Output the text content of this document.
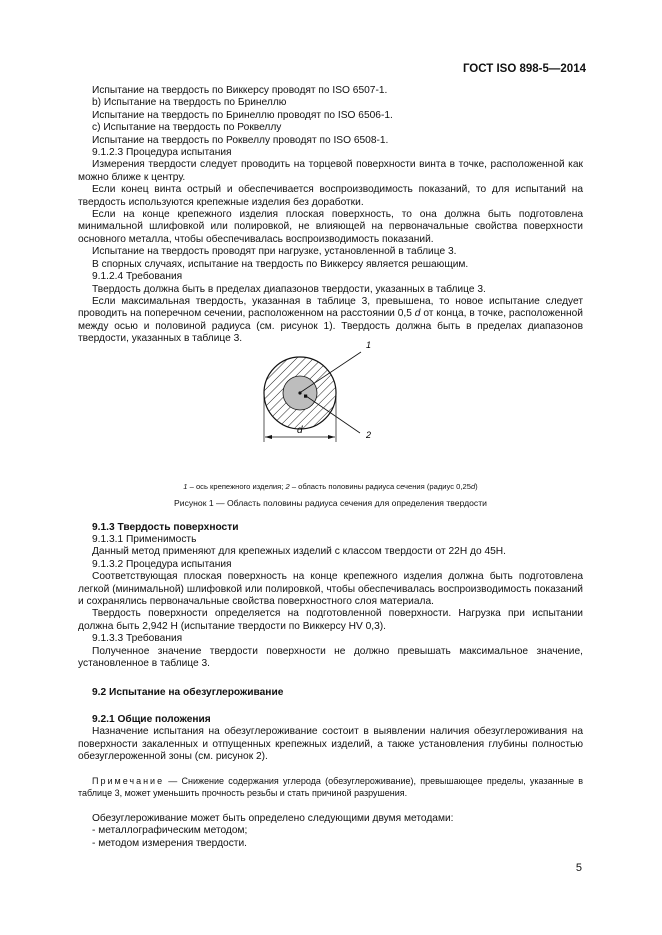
ГОСТ ISO 898-5—2014

Испытание на твердость по Виккерсу проводят по ISO 6507-1.

b) Испытание на твердость по Бринеллю

Испытание на твердость по Бринеллю проводят по ISO 6506-1.

c) Испытание на твердость по Роквеллу

Испытание на твердость по Роквеллу проводят по ISO 6508-1.

9.1.2.3 Процедура испытания

Измерения твердости следует проводить на торцевой поверхности винта в точке, расположенной как можно ближе к центру.

Если конец винта острый и обеспечивается воспроизводимость показаний, то для испытаний на твердость используются крепежные изделия без доработки.

Если на конце крепежного изделия плоская поверхность, то она должна быть подготовлена минимальной шлифовкой или полировкой, не влияющей на первоначальные свойства поверхности основного металла, чтобы обеспечивалась воспроизводимость показаний.

Испытание на твердость проводят при нагрузке, установленной в таблице 3.

В спорных случаях, испытание на твердость по Виккерсу является решающим.

9.1.2.4 Требования

Твердость должна быть в пределах диапазонов твердости, указанных в таблице 3.

Если максимальная твердость, указанная в таблице 3, превышена, то новое испытание следует проводить на поперечном сечении, расположенном на расстоянии 0,5 d от конца, в точке, расположенной между осью и половиной радиуса (см. рисунок 1). Твердость должна быть в пределах диапазонов твердости, указанных в таблице 3.

1
2
d

1 – ось крепежного изделия; 2 – область половины радиуса сечения (радиус 0,25d)

Рисунок 1 — Область половины радиуса сечения для определения твердости

9.1.3 Твердость поверхности

9.1.3.1 Применимость

Данный метод применяют для крепежных изделий с классом твердости от 22H до 45H.

9.1.3.2 Процедура испытания

Соответствующая плоская поверхность на конце крепежного изделия должна быть подготовлена легкой (минимальной) шлифовкой или полировкой, чтобы обеспечивалась воспроизводимость показаний и сохранялись первоначальные свойства поверхностного слоя материала.

Твердость поверхности определяется на подготовленной поверхности. Нагрузка при испытании должна быть 2,942 Н (испытание твердости по Виккерсу HV 0,3).

9.1.3.3 Требования

Полученное значение твердости поверхности не должно превышать максимальное значение, установленное в таблице 3.

9.2 Испытание на обезуглероживание

9.2.1 Общие положения

Назначение испытания на обезуглероживание состоит в выявлении наличия обезуглероживания на поверхности закаленных и отпущенных крепежных изделий, а также установления глубины полностью обезуглероженной зоны (см. рисунок 2).

Примечание — Снижение содержания углерода (обезуглероживание), превышающее пределы, указанные в таблице 3, может уменьшить прочность резьбы и стать причиной разрушения.

Обезуглероживание может быть определено следующими двумя методами:

- металлографическим методом;

- методом измерения твердости.

5
